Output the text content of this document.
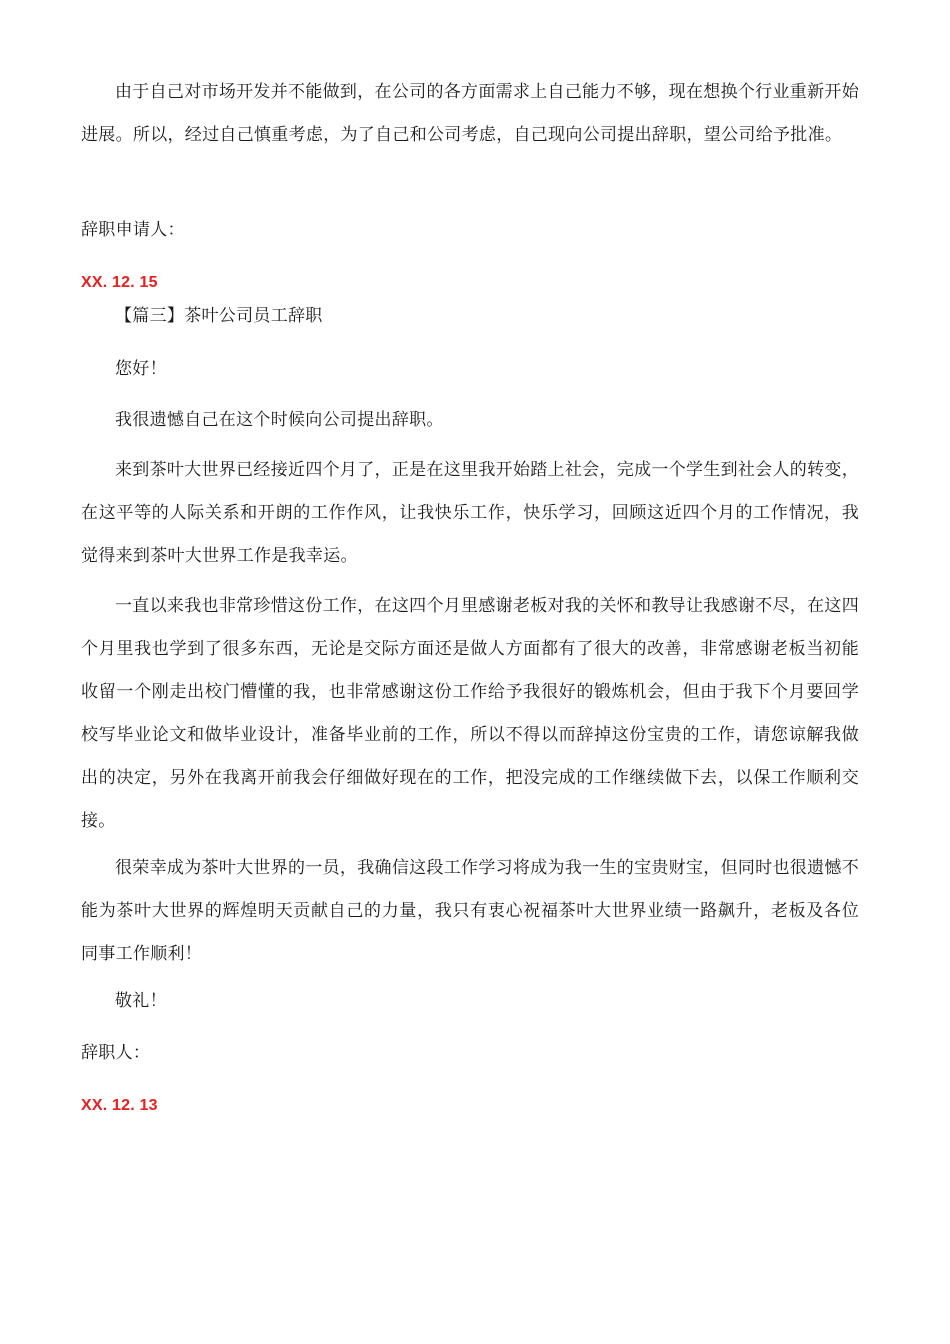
由于自己对市场开发并不能做到，在公司的各方面需求上自己能力不够，现在想换个行业重新开始进展。所以，经过自己慎重考虑，为了自己和公司考虑，自己现向公司提出辞职，望公司给予批准。

辞职申请人：

XX. 12. 15

【篇三】茶叶公司员工辞职

您好！

我很遗憾自己在这个时候向公司提出辞职。

来到茶叶大世界已经接近四个月了，正是在这里我开始踏上社会，完成一个学生到社会人的转变，在这平等的人际关系和开朗的工作作风，让我快乐工作，快乐学习，回顾这近四个月的工作情况，我觉得来到茶叶大世界工作是我幸运。

一直以来我也非常珍惜这份工作，在这四个月里感谢老板对我的关怀和教导让我感谢不尽，在这四个月里我也学到了很多东西，无论是交际方面还是做人方面都有了很大的改善，非常感谢老板当初能收留一个刚走出校门懵懂的我，也非常感谢这份工作给予我很好的锻炼机会，但由于我下个月要回学校写毕业论文和做毕业设计，准备毕业前的工作，所以不得以而辞掉这份宝贵的工作，请您谅解我做出的决定，另外在我离开前我会仔细做好现在的工作，把没完成的工作继续做下去，以保工作顺利交接。

很荣幸成为茶叶大世界的一员，我确信这段工作学习将成为我一生的宝贵财宝，但同时也很遗憾不能为茶叶大世界的辉煌明天贡献自己的力量，我只有衷心祝福茶叶大世界业绩一路飙升，老板及各位同事工作顺利！

敬礼！

辞职人：

XX. 12. 13
